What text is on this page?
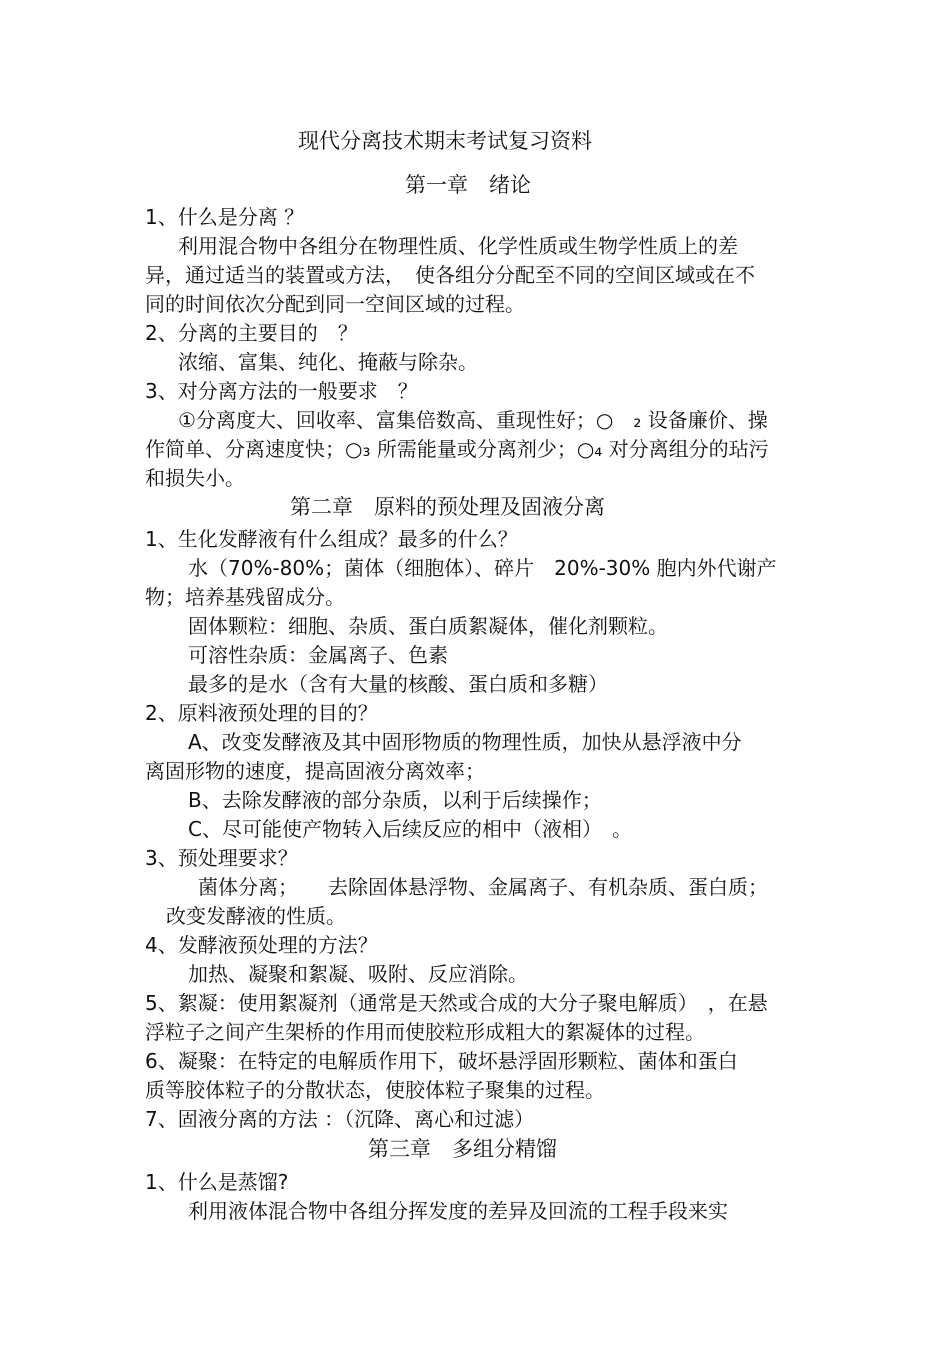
现代分离技术期末考试复习资料
第一章　绪论
1、什么是分离 ？
利用混合物中各组分在物理性质、化学性质或生物学性质上的差
异，通过适当的装置或方法，　使各组分分配至不同的空间区域或在不
同的时间依次分配到同一空间区域的过程。
2、分离的主要目的　？
浓缩、富集、纯化、掩蔽与除杂。
3、对分离方法的一般要求　？
①分离度大、回收率、富集倍数高、重现性好；○　₂ 设备廉价、操
作简单、分离速度快；○₃ 所需能量或分离剂少；○₄ 对分离组分的玷污
和损失小。
第二章　原料的预处理及固液分离
1、生化发酵液有什么组成？最多的什么？
水（70%-80%；菌体（细胞体）、碎片　20%-30% 胞内外代谢产
物；培养基残留成分。
固体颗粒：细胞、杂质、蛋白质絮凝体，催化剂颗粒。
可溶性杂质：金属离子、色素
最多的是水（含有大量的核酸、蛋白质和多糖）
2、原料液预处理的目的？
A、改变发酵液及其中固形物质的物理性质，加快从悬浮液中分
离固形物的速度，提高固液分离效率；
B、去除发酵液的部分杂质，以利于后续操作；
C、尽可能使产物转入后续反应的相中（液相）　。
3、预处理要求？
菌体分离；　　去除固体悬浮物、金属离子、有机杂质、蛋白质；
改变发酵液的性质。
4、发酵液预处理的方法？
加热、凝聚和絮凝、吸附、反应消除。
5、絮凝：使用絮凝剂（通常是天然或合成的大分子聚电解质）　，在悬
浮粒子之间产生架桥的作用而使胶粒形成粗大的絮凝体的过程。
6、凝聚：在特定的电解质作用下，破坏悬浮固形颗粒、菌体和蛋白
质等胶体粒子的分散状态，使胶体粒子聚集的过程。
7、固液分离的方法 ：（沉降、离心和过滤）
第三章　多组分精馏
1、什么是蒸馏?
利用液体混合物中各组分挥发度的差异及回流的工程手段来实
